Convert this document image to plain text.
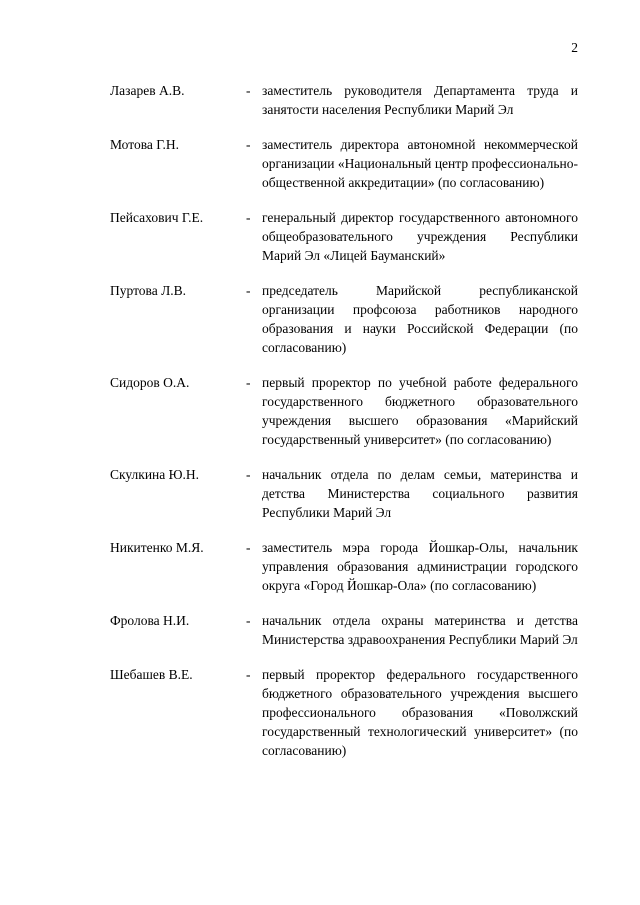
2
Лазарев А.В.	- заместитель руководителя Департамента труда и занятости населения Республики Марий Эл
Мотова Г.Н.	- заместитель директора автономной некоммерческой организации «Национальный центр профессионально-общественной аккредитации» (по согласованию)
Пейсахович Г.Е.	- генеральный директор государственного автономного общеобразовательного учреждения Республики Марий Эл «Лицей Бауманский»
Пуртова Л.В.	- председатель Марийской республиканской организации профсоюза работников народного образования и науки Российской Федерации (по согласованию)
Сидоров О.А.	- первый проректор по учебной работе федерального государственного бюджетного образовательного учреждения высшего образования «Марийский государственный университет» (по согласованию)
Скулкина Ю.Н.	- начальник отдела по делам семьи, материнства и детства Министерства социального развития Республики Марий Эл
Никитенко М.Я.	- заместитель мэра города Йошкар-Олы, начальник управления образования администрации городского округа «Город Йошкар-Ола» (по согласованию)
Фролова Н.И.	- начальник отдела охраны материнства и детства Министерства здравоохранения Республики Марий Эл
Шебашев В.Е.	- первый проректор федерального государственного бюджетного образовательного учреждения высшего профессионального образования «Поволжский государственный технологический университет» (по согласованию)
